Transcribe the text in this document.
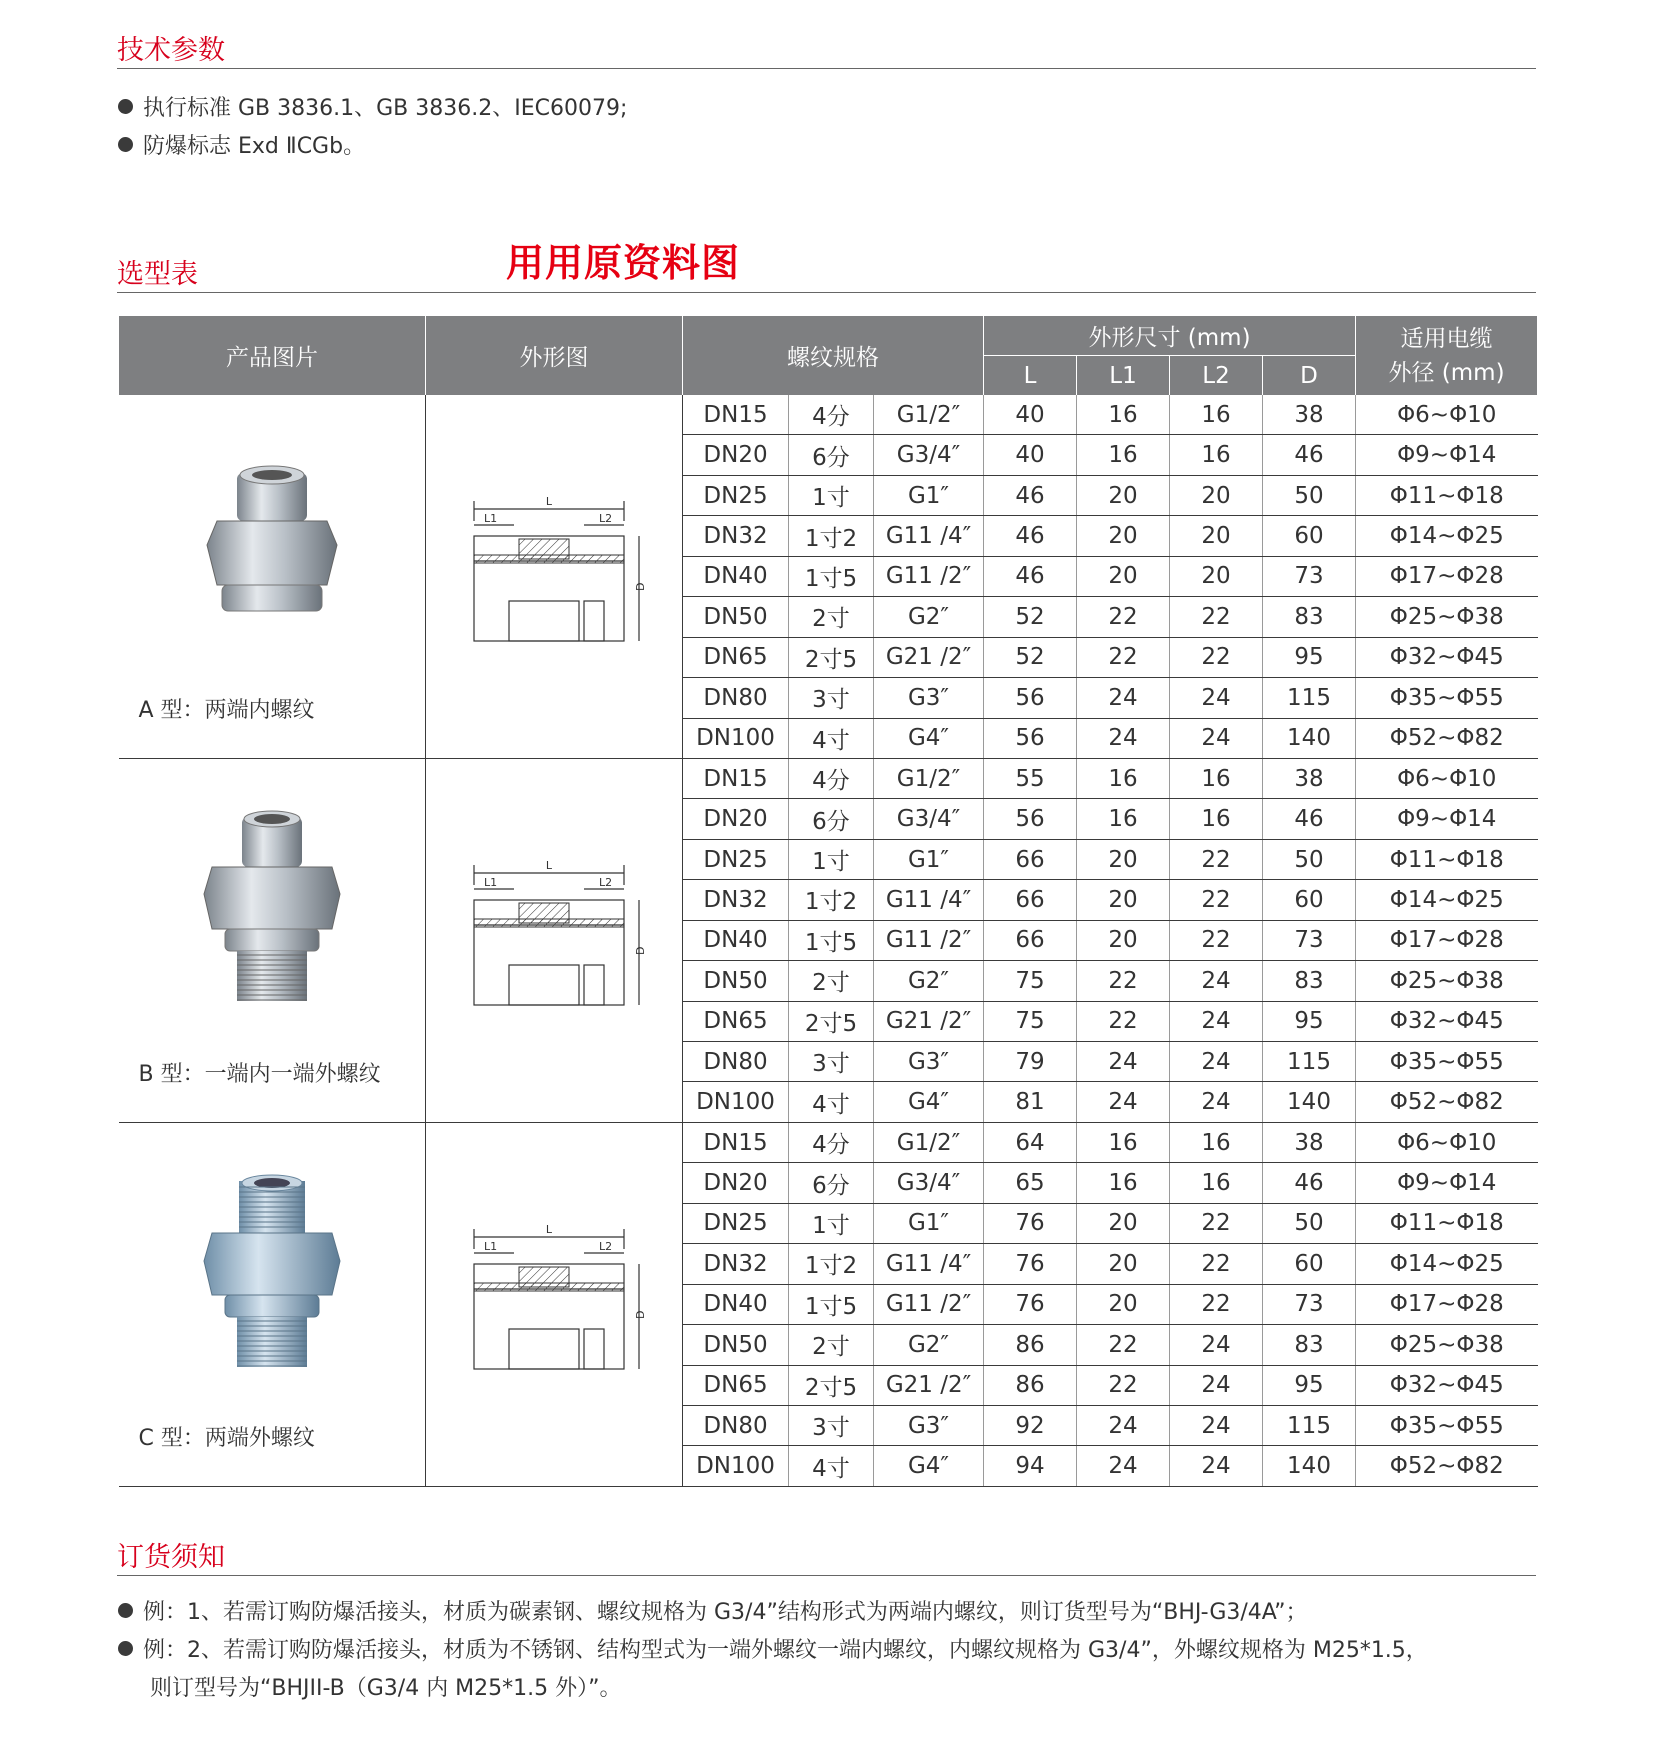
技术参数
执行标准 GB 3836.1、GB 3836.2、IEC60079;
防爆标志 Exd ⅡCGb。
选型表	用用原资料图
产品图片	外形图	螺纹规格			外形尺寸 (mm)				适用电缆
外径 (mm)
					L	L1	L2	D	

A 型：两端内螺纹	L
L1 L2
D	DN15	4分	G1/2″	40	16	16	38	Φ6~Φ10
		DN20	6分	G3/4″	40	16	16	46	Φ9~Φ14
		DN25	1寸	G1″	46	20	20	50	Φ11~Φ18
		DN32	1寸2	G11 /4″	46	20	20	60	Φ14~Φ25
		DN40	1寸5	G11 /2″	46	20	20	73	Φ17~Φ28
		DN50	2寸	G2″	52	22	22	83	Φ25~Φ38
		DN65	2寸5	G21 /2″	52	22	22	95	Φ32~Φ45
		DN80	3寸	G3″	56	24	24	115	Φ35~Φ55
		DN100	4寸	G4″	56	24	24	140	Φ52~Φ82

B 型：一端内一端外螺纹	L
L1 L2
D	DN15	4分	G1/2″	55	16	16	38	Φ6~Φ10
		DN20	6分	G3/4″	56	16	16	46	Φ9~Φ14
		DN25	1寸	G1″	66	20	22	50	Φ11~Φ18
		DN32	1寸2	G11 /4″	66	20	22	60	Φ14~Φ25
		DN40	1寸5	G11 /2″	66	20	22	73	Φ17~Φ28
		DN50	2寸	G2″	75	22	24	83	Φ25~Φ38
		DN65	2寸5	G21 /2″	75	22	24	95	Φ32~Φ45
		DN80	3寸	G3″	79	24	24	115	Φ35~Φ55
		DN100	4寸	G4″	81	24	24	140	Φ52~Φ82

C 型：两端外螺纹	L
L1 L2
D	DN15	4分	G1/2″	64	16	16	38	Φ6~Φ10
		DN20	6分	G3/4″	65	16	16	46	Φ9~Φ14
		DN25	1寸	G1″	76	20	22	50	Φ11~Φ18
		DN32	1寸2	G11 /4″	76	20	22	60	Φ14~Φ25
		DN40	1寸5	G11 /2″	76	20	22	73	Φ17~Φ28
		DN50	2寸	G2″	86	22	24	83	Φ25~Φ38
		DN65	2寸5	G21 /2″	86	22	24	95	Φ32~Φ45
		DN80	3寸	G3″	92	24	24	115	Φ35~Φ55
		DN100	4寸	G4″	94	24	24	140	Φ52~Φ82
订货须知
例：1、若需订购防爆活接头，材质为碳素钢、螺纹规格为 G3/4”结构形式为两端内螺纹，则订货型号为“BHJ-G3/4A”；
例：2、若需订购防爆活接头，材质为不锈钢、结构型式为一端外螺纹一端内螺纹，内螺纹规格为 G3/4”，外螺纹规格为 M25*1.5，
则订型号为“BHJII-B（G3/4 内 M25*1.5 外）”。
